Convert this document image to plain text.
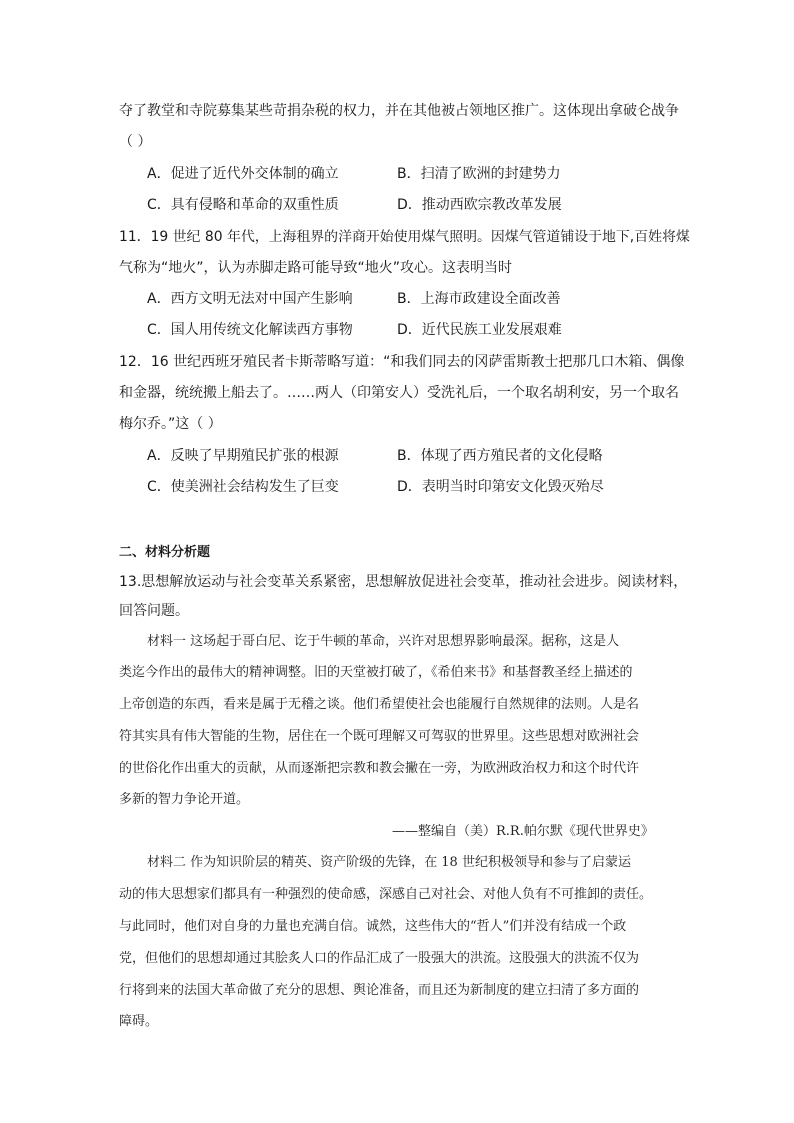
夺了教堂和寺院募集某些苛捐杂税的权力，并在其他被占领地区推广。这体现出拿破仑战争
（ ）
A．促进了近代外交体制的确立	B．扫清了欧洲的封建势力
C．具有侵略和革命的双重性质	D．推动西欧宗教改革发展
11．19 世纪 80 年代，上海租界的洋商开始使用煤气照明。因煤气管道铺设于地下,百姓将煤
气称为“地火”，认为赤脚走路可能导致“地火”攻心。这表明当时
A．西方文明无法对中国产生影响	B．上海市政建设全面改善
C．国人用传统文化解读西方事物	D．近代民族工业发展艰难
12．16 世纪西班牙殖民者卡斯蒂略写道：“和我们同去的冈萨雷斯教士把那几口木箱、偶像
和金器，统统搬上船去了。……两人（印第安人）受洗礼后，一个取名胡利安，另一个取名
梅尔乔。”这（ ）
A．反映了早期殖民扩张的根源	B．体现了西方殖民者的文化侵略
C．使美洲社会结构发生了巨变	D．表明当时印第安文化毁灭殆尽
二、材料分析题
13.思想解放运动与社会变革关系紧密，思想解放促进社会变革，推动社会进步。阅读材料，
回答问题。
材料一 这场起于哥白尼、讫于牛顿的革命，兴许对思想界影响最深。据称，这是人
类迄今作出的最伟大的精神调整。旧的天堂被打破了，《希伯来书》和基督教圣经上描述的
上帝创造的东西，看来是属于无稽之谈。他们希望使社会也能履行自然规律的法则。人是名
符其实具有伟大智能的生物，居住在一个既可理解又可驾驭的世界里。这些思想对欧洲社会
的世俗化作出重大的贡献，从而逐渐把宗教和教会撇在一旁，为欧洲政治权力和这个时代许
多新的智力争论开道。
——整编自（美）R.R.帕尔默《现代世界史》
材料二 作为知识阶层的精英、资产阶级的先锋，在 18 世纪积极领导和参与了启蒙运
动的伟大思想家们都具有一种强烈的使命感，深感自己对社会、对他人负有不可推卸的责任。
与此同时，他们对自身的力量也充满自信。诚然，这些伟大的“哲人”们并没有结成一个政
党，但他们的思想却通过其脍炙人口的作品汇成了一股强大的洪流。这股强大的洪流不仅为
行将到来的法国大革命做了充分的思想、舆论准备，而且还为新制度的建立扫清了多方面的
障碍。
